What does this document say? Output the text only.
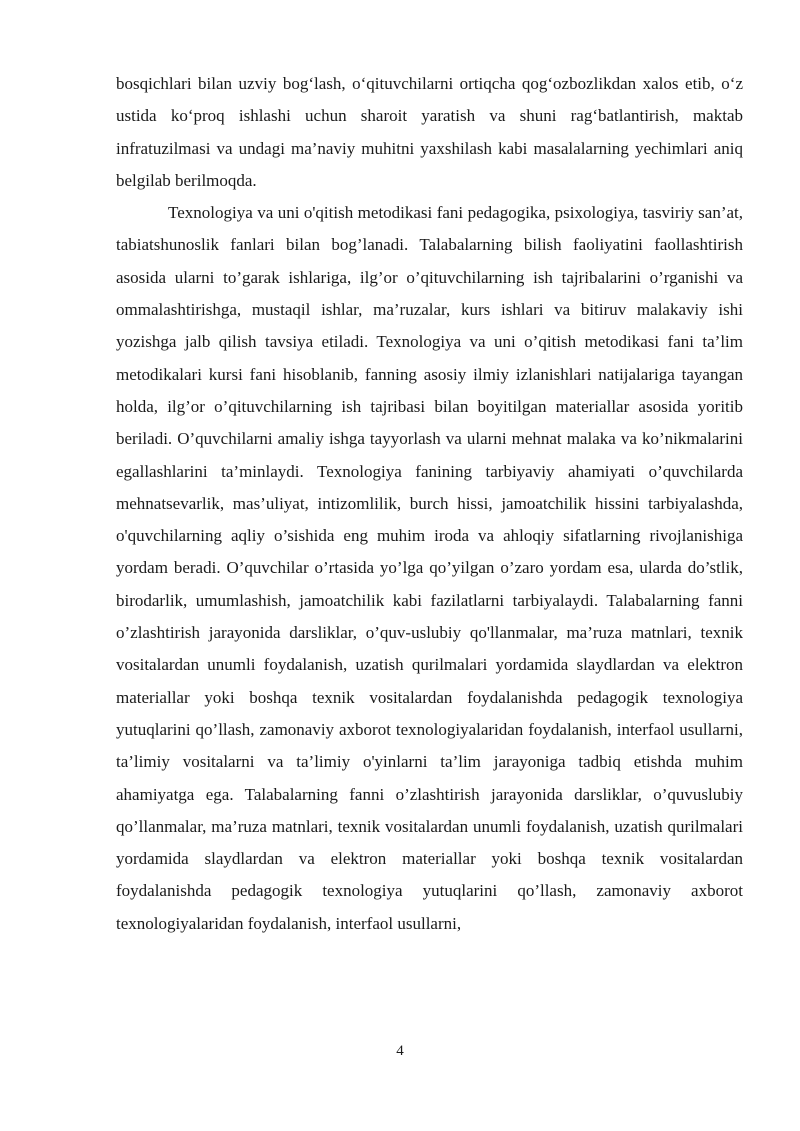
bosqichlari bilan uzviy bog‘lash, o‘qituvchilarni ortiqcha qog‘ozbozlikdan xalos etib, o‘z ustida ko‘proq ishlashi uchun sharoit yaratish va shuni rag‘batlantirish, maktab infratuzilmasi va undagi ma’naviy muhitni yaxshilash kabi masalalarning yechimlari aniq belgilab berilmoqda.

Texnologiya va uni o'qitish metodikasi fani pedagogika, psixologiya, tasviriy san’at, tabiatshunoslik fanlari bilan bog’lanadi. Talabalarning bilish faoliyatini faollashtirish asosida ularni to’garak ishlariga, ilg’or o’qituvchilarning ish tajribalarini o’rganishi va ommalashtirishga, mustaqil ishlar, ma’ruzalar, kurs ishlari va bitiruv malakaviy ishi yozishga jalb qilish tavsiya etiladi. Texnologiya va uni o’qitish metodikasi fani ta’lim metodikalari kursi fani hisoblanib, fanning asosiy ilmiy izlanishlari natijalariga tayangan holda, ilg’or o’qituvchilarning ish tajribasi bilan boyitilgan materiallar asosida yoritib beriladi. O’quvchilarni amaliy ishga tayyorlash va ularni mehnat malaka va ko’nikmalarini egallashlarini ta’minlaydi. Texnologiya fanining tarbiyaviy ahamiyati o’quvchilarda mehnatsevarlik, mas’uliyat, intizomlilik, burch hissi, jamoatchilik hissini tarbiyalashda, o'quvchilarning aqliy o’sishida eng muhim iroda va ahloqiy sifatlarning rivojlanishiga yordam beradi. O’quvchilar o’rtasida yo’lga qo’yilgan o’zaro yordam esa, ularda do’stlik, birodarlik, umumlashish, jamoatchilik kabi fazilatlarni tarbiyalaydi. Talabalarning fanni o’zlashtirish jarayonida darsliklar, o’quv-uslubiy qo'llanmalar, ma’ruza matnlari, texnik vositalardan unumli foydalanish, uzatish qurilmalari yordamida slaydlardan va elektron materiallar yoki boshqa texnik vositalardan foydalanishda pedagogik texnologiya yutuqlarini qo’llash, zamonaviy axborot texnologiyalaridan foydalanish, interfaol usullarni, ta’limiy vositalarni va ta’limiy o'yinlarni ta’lim jarayoniga tadbiq etishda muhim ahamiyatga ega. Talabalarning fanni o’zlashtirish jarayonida darsliklar, o’quvuslubiy qo’llanmalar, ma’ruza matnlari, texnik vositalardan unumli foydalanish, uzatish qurilmalari yordamida slaydlardan va elektron materiallar yoki boshqa texnik vositalardan foydalanishda pedagogik texnologiya yutuqlarini qo’llash, zamonaviy axborot texnologiyalaridan foydalanish, interfaol usullarni,

4
